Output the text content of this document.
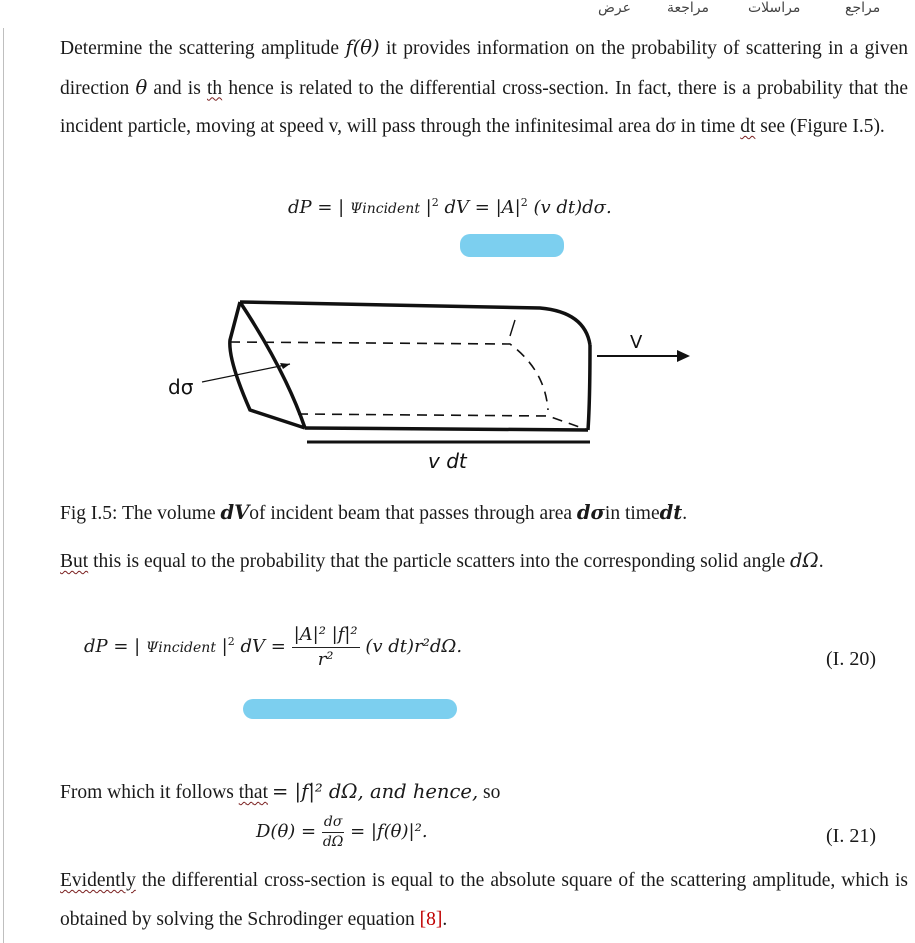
مراجع
مراسلات
مراجعة
عرض

Determine the scattering amplitude f(θ) it provides information on the probability of scattering in a given direction θ and is th hence is related to the differential cross-section. In fact, there is a probability that the incident particle, moving at speed v, will pass through the infinitesimal area dσ in time dt see (Figure I.5).

dP = | Ψincident $|^2$ dV = $|A|^2$ (v dt)dσ.
dσ
V
v dt
Fig I.5: The volume dVof incident beam that passes through area dσin timedt.

But this is equal to the probability that the particle scatters into the corresponding solid angle dΩ.

dP = | Ψincident $|^2$ dV = $\frac{\text{|A|² |f|²}}{\text{r²}} (v$ dt)r²dΩ.
(I. 20)
From which it follows that = |f|² dΩ, and hence, so
$D(\theta) = \frac{d\sigma}{d\Omega} = |f(\theta)|^2$.	(I. 21)

Evidently the differential cross-section is equal to the absolute square of the scattering amplitude, which is obtained by solving the Schrodinger equation [8].
